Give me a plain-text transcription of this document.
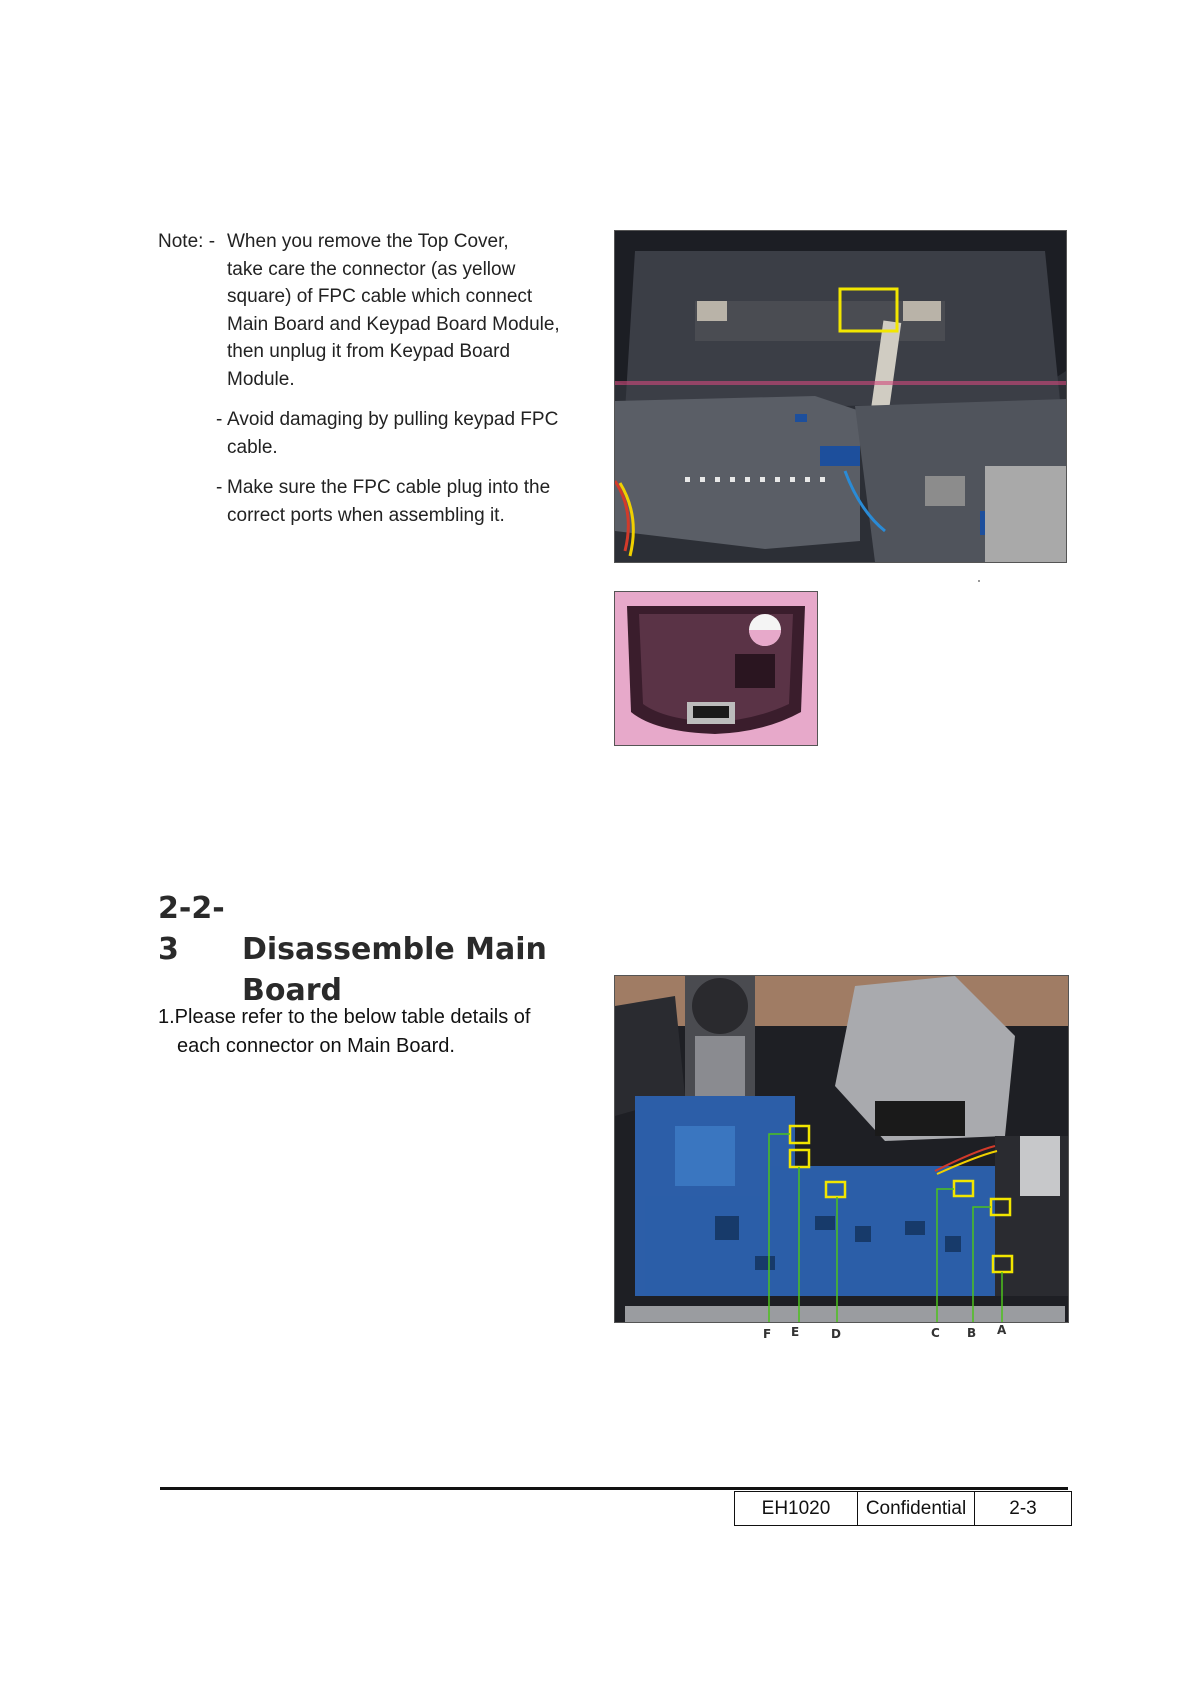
Note: - When you remove the Top Cover,
take care the connector (as yellow
square) of FPC cable which connect
Main Board and Keypad Board Module,
then unplug it from Keypad Board
Module.
- Avoid damaging by pulling keypad FPC
cable.
- Make sure the FPC cable plug into the
correct ports when assembling it.
2-2-3 Disassemble Main
Board
1.Please refer to the below table details of
each connector on Main Board.
F E	D	C B A
EH1020	Confidential	2-3
